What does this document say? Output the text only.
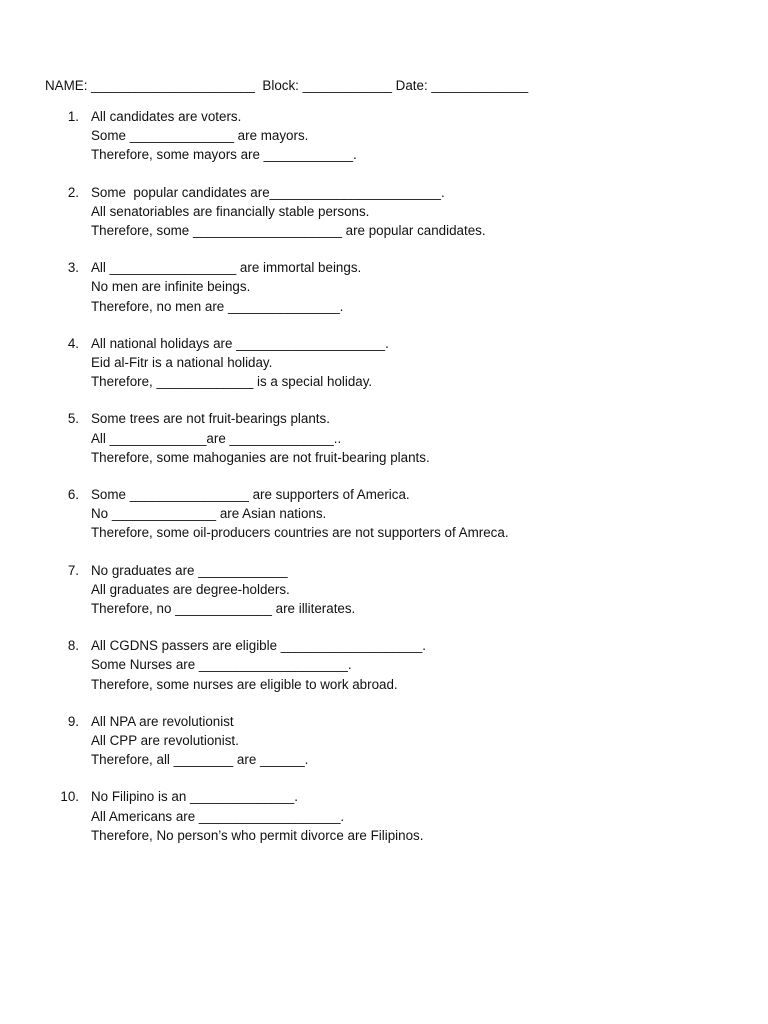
NAME: ______________________  Block: ____________ Date: _____________
1. All candidates are voters.
Some ______________ are mayors.
Therefore, some mayors are ____________.
2. Some  popular candidates are_______________________.
All senatoriables are financially stable persons.
Therefore, some ____________________ are popular candidates.
3. All _________________ are immortal beings.
No men are infinite beings.
Therefore, no men are _______________.
4. All national holidays are ____________________.
Eid al-Fitr is a national holiday.
Therefore, _____________ is a special holiday.
5. Some trees are not fruit-bearings plants.
All _____________are ______________..
Therefore, some mahoganies are not fruit-bearing plants.
6. Some ________________ are supporters of America.
No ______________ are Asian nations.
Therefore, some oil-producers countries are not supporters of Amreca.
7. No graduates are ____________
All graduates are degree-holders.
Therefore, no _____________ are illiterates.
8. All CGDNS passers are eligible ___________________.
Some Nurses are ____________________.
Therefore, some nurses are eligible to work abroad.
9. All NPA are revolutionist
All CPP are revolutionist.
Therefore, all ________ are ______.
10. No Filipino is an ______________.
All Americans are ___________________.
Therefore, No person’s who permit divorce are Filipinos.
